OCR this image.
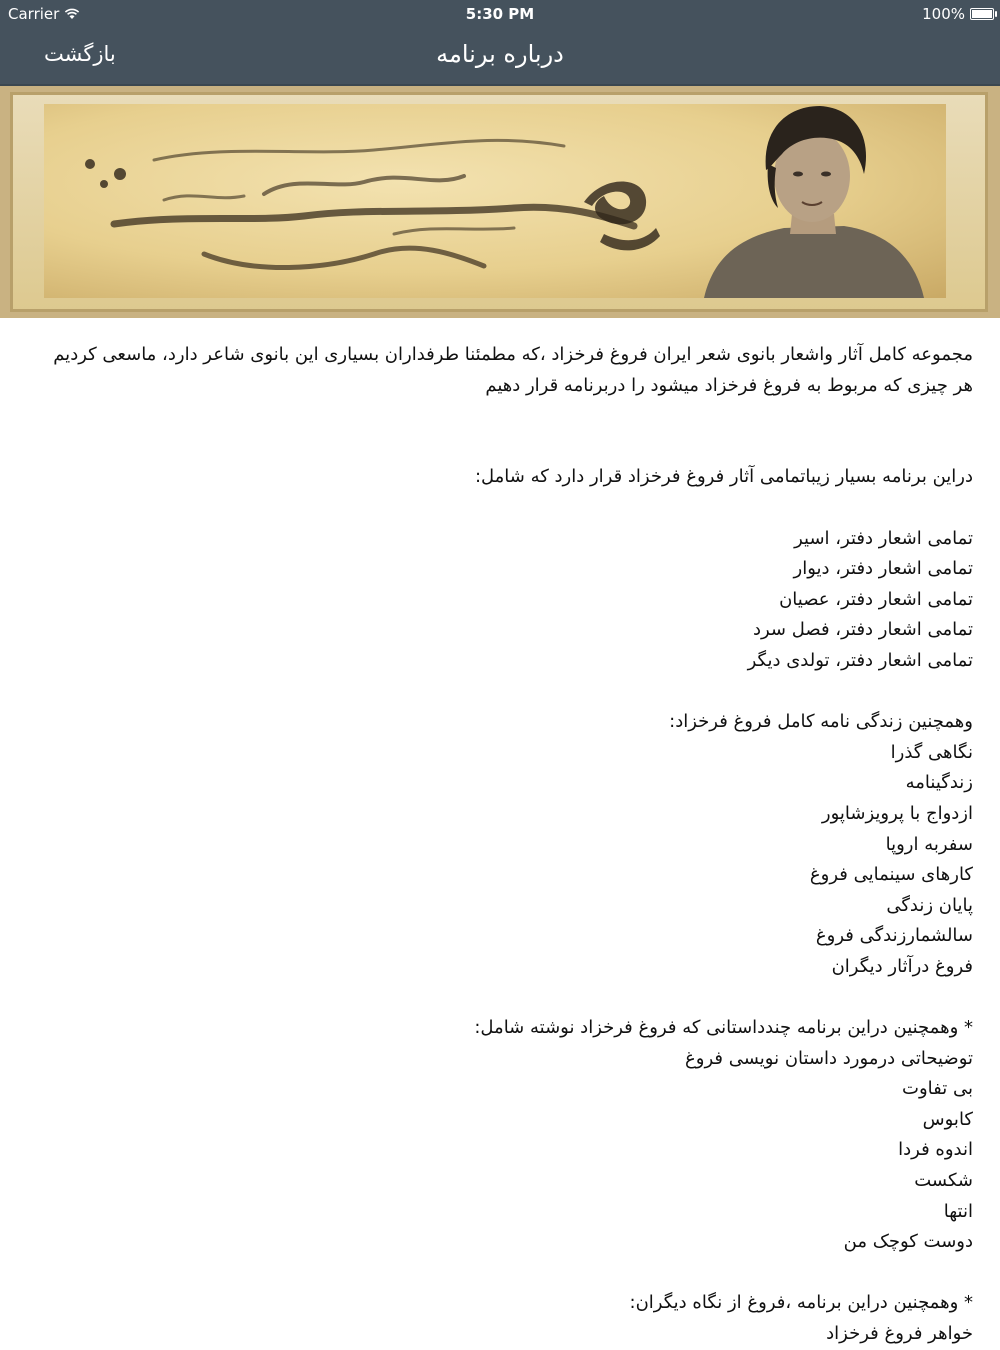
Carrier	5:30 PM	100%
درباره برنامه
بازگشت

مجموعه کامل آثار واشعار بانوی شعر ایران فروغ فرخزاد ،که مطمئنا طرفداران بسیاری این بانوی شاعر دارد، ماسعی کردیم

هر چیزی که مربوط به فروغ فرخزاد میشود را دربرنامه قرار دهیم

دراین برنامه بسیار زیباتمامی آثار فروغ فرخزاد قرار دارد که شامل:

تمامی اشعار دفتر، اسیر

تمامی اشعار دفتر، دیوار

تمامی اشعار دفتر، عصیان

تمامی اشعار دفتر، فصل سرد

تمامی اشعار دفتر، تولدی دیگر

وهمچنین زندگی نامه کامل فروغ فرخزاد:

نگاهی گذرا

زندگینامه

ازدواج با پرویزشاپور

سفربه اروپا

کارهای سینمایی فروغ

پایان زندگی

سالشمارزندگی فروغ

فروغ درآثار دیگران

* وهمچنین دراین برنامه چندداستانی که فروغ فرخزاد نوشته شامل:

توضیحاتی درمورد داستان نویسی فروغ

بی تفاوت

کابوس

اندوه فردا

شکست

انتها

دوست کوچک من

* وهمچنین دراین برنامه ،فروغ از نگاه دیگران:

خواهر فروغ فرخزاد
